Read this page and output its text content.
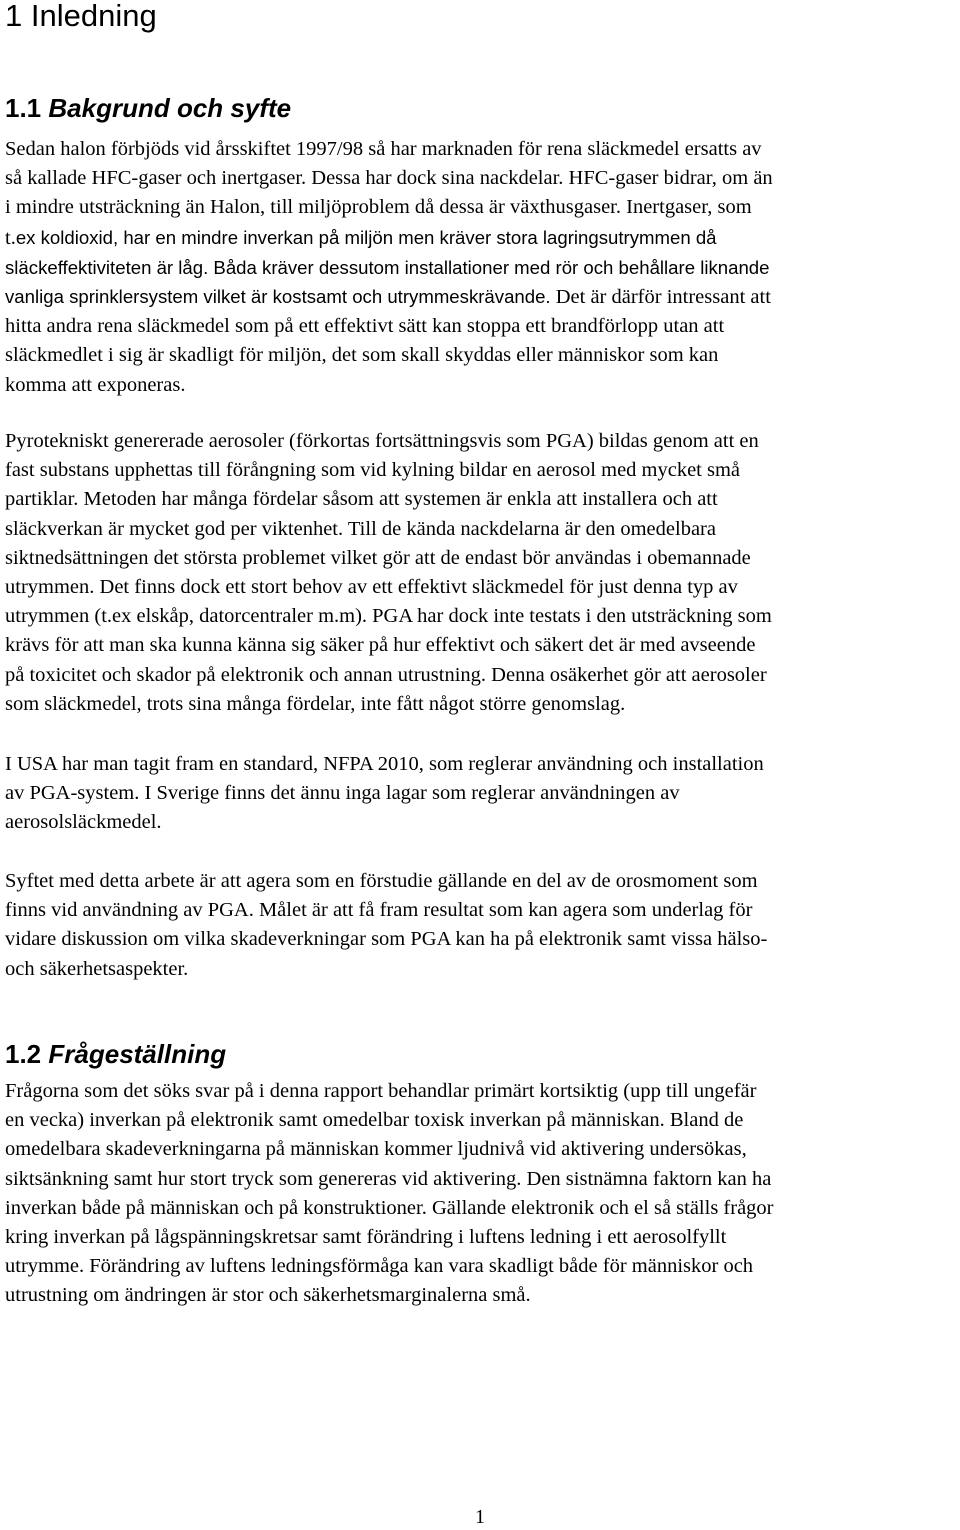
1 Inledning
1.1 Bakgrund och syfte

Sedan halon förbjöds vid årsskiftet 1997/98 så har marknaden för rena släckmedel ersatts av
så kallade HFC-gaser och inertgaser. Dessa har dock sina nackdelar. HFC-gaser bidrar, om än
i mindre utsträckning än Halon, till miljöproblem då dessa är växthusgaser. Inertgaser, som
t.ex koldioxid, har en mindre inverkan på miljön men kräver stora lagringsutrymmen då
släckeffektiviteten är låg. Båda kräver dessutom installationer med rör och behållare liknande
vanliga sprinklersystem vilket är kostsamt och utrymmeskrävande. Det är därför intressant att
hitta andra rena släckmedel som på ett effektivt sätt kan stoppa ett brandförlopp utan att
släckmedlet i sig är skadligt för miljön, det som skall skyddas eller människor som kan
komma att exponeras.

Pyrotekniskt genererade aerosoler (förkortas fortsättningsvis som PGA) bildas genom att en
fast substans upphettas till förångning som vid kylning bildar en aerosol med mycket små
partiklar. Metoden har många fördelar såsom att systemen är enkla att installera och att
släckverkan är mycket god per viktenhet. Till de kända nackdelarna är den omedelbara
siktnedsättningen det största problemet vilket gör att de endast bör användas i obemannade
utrymmen. Det finns dock ett stort behov av ett effektivt släckmedel för just denna typ av
utrymmen (t.ex elskåp, datorcentraler m.m). PGA har dock inte testats i den utsträckning som
krävs för att man ska kunna känna sig säker på hur effektivt och säkert det är med avseende
på toxicitet och skador på elektronik och annan utrustning. Denna osäkerhet gör att aerosoler
som släckmedel, trots sina många fördelar, inte fått något större genomslag.

I USA har man tagit fram en standard, NFPA 2010, som reglerar användning och installation
av PGA-system. I Sverige finns det ännu inga lagar som reglerar användningen av
aerosolsläckmedel.

Syftet med detta arbete är att agera som en förstudie gällande en del av de orosmoment som
finns vid användning av PGA. Målet är att få fram resultat som kan agera som underlag för
vidare diskussion om vilka skadeverkningar som PGA kan ha på elektronik samt vissa hälso-
och säkerhetsaspekter.

1.2 Frågeställning

Frågorna som det söks svar på i denna rapport behandlar primärt kortsiktig (upp till ungefär
en vecka) inverkan på elektronik samt omedelbar toxisk inverkan på människan. Bland de
omedelbara skadeverkningarna på människan kommer ljudnivå vid aktivering undersökas,
siktsänkning samt hur stort tryck som genereras vid aktivering. Den sistnämna faktorn kan ha
inverkan både på människan och på konstruktioner. Gällande elektronik och el så ställs frågor
kring inverkan på lågspänningskretsar samt förändring i luftens ledning i ett aerosolfyllt
utrymme. Förändring av luftens ledningsförmåga kan vara skadligt både för människor och
utrustning om ändringen är stor och säkerhetsmarginalerna små.

1
